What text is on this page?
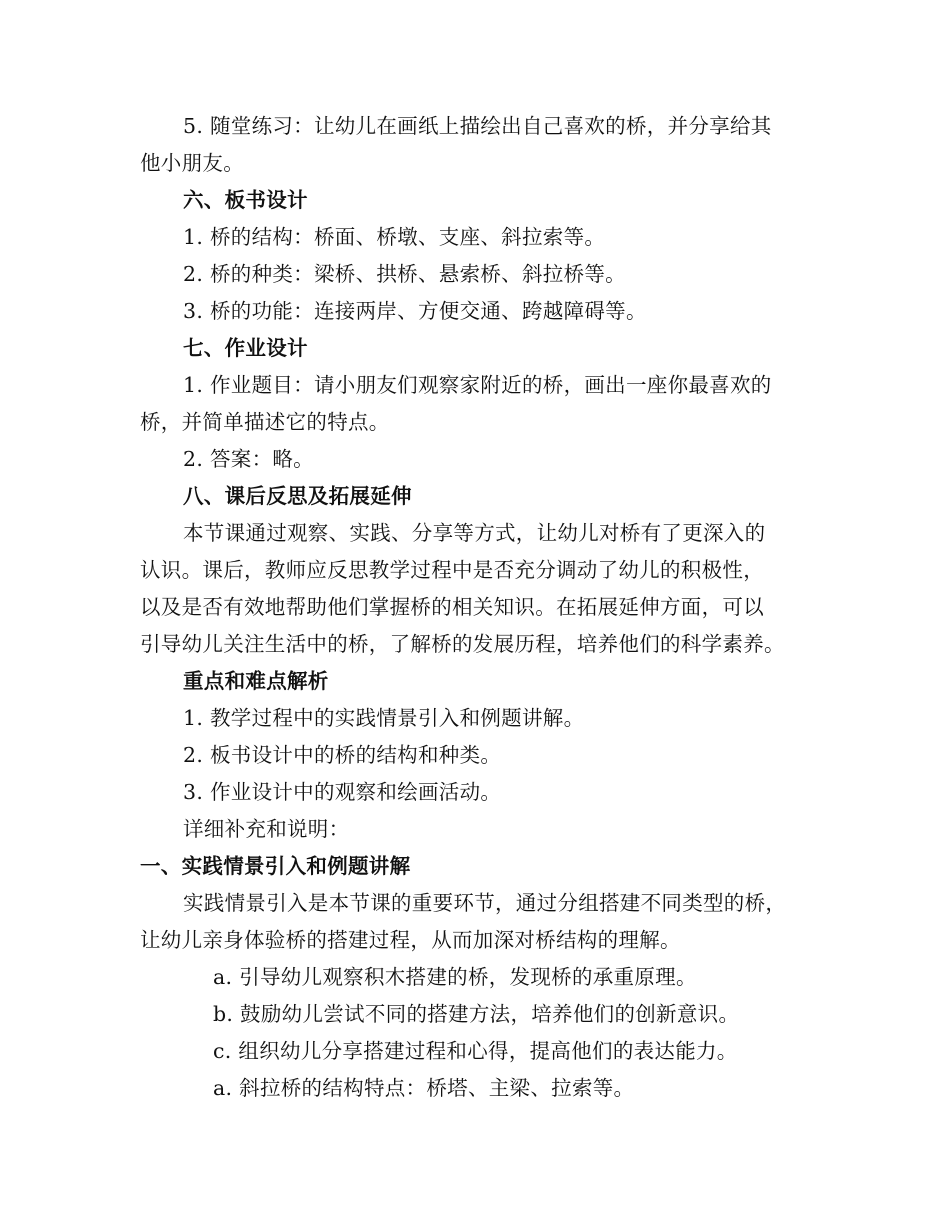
5. 随堂练习：让幼儿在画纸上描绘出自己喜欢的桥，并分享给其
他小朋友。
六、板书设计
1. 桥的结构：桥面、桥墩、支座、斜拉索等。
2. 桥的种类：梁桥、拱桥、悬索桥、斜拉桥等。
3. 桥的功能：连接两岸、方便交通、跨越障碍等。
七、作业设计
1. 作业题目：请小朋友们观察家附近的桥，画出一座你最喜欢的
桥，并简单描述它的特点。
2. 答案：略。
八、课后反思及拓展延伸
本节课通过观察、实践、分享等方式，让幼儿对桥有了更深入的
认识。课后，教师应反思教学过程中是否充分调动了幼儿的积极性，
以及是否有效地帮助他们掌握桥的相关知识。在拓展延伸方面，可以
引导幼儿关注生活中的桥，了解桥的发展历程，培养他们的科学素养。
重点和难点解析
1. 教学过程中的实践情景引入和例题讲解。
2. 板书设计中的桥的结构和种类。
3. 作业设计中的观察和绘画活动。
详细补充和说明：
一、实践情景引入和例题讲解
实践情景引入是本节课的重要环节，通过分组搭建不同类型的桥，
让幼儿亲身体验桥的搭建过程，从而加深对桥结构的理解。
a. 引导幼儿观察积木搭建的桥，发现桥的承重原理。
b. 鼓励幼儿尝试不同的搭建方法，培养他们的创新意识。
c. 组织幼儿分享搭建过程和心得，提高他们的表达能力。
a. 斜拉桥的结构特点：桥塔、主梁、拉索等。
